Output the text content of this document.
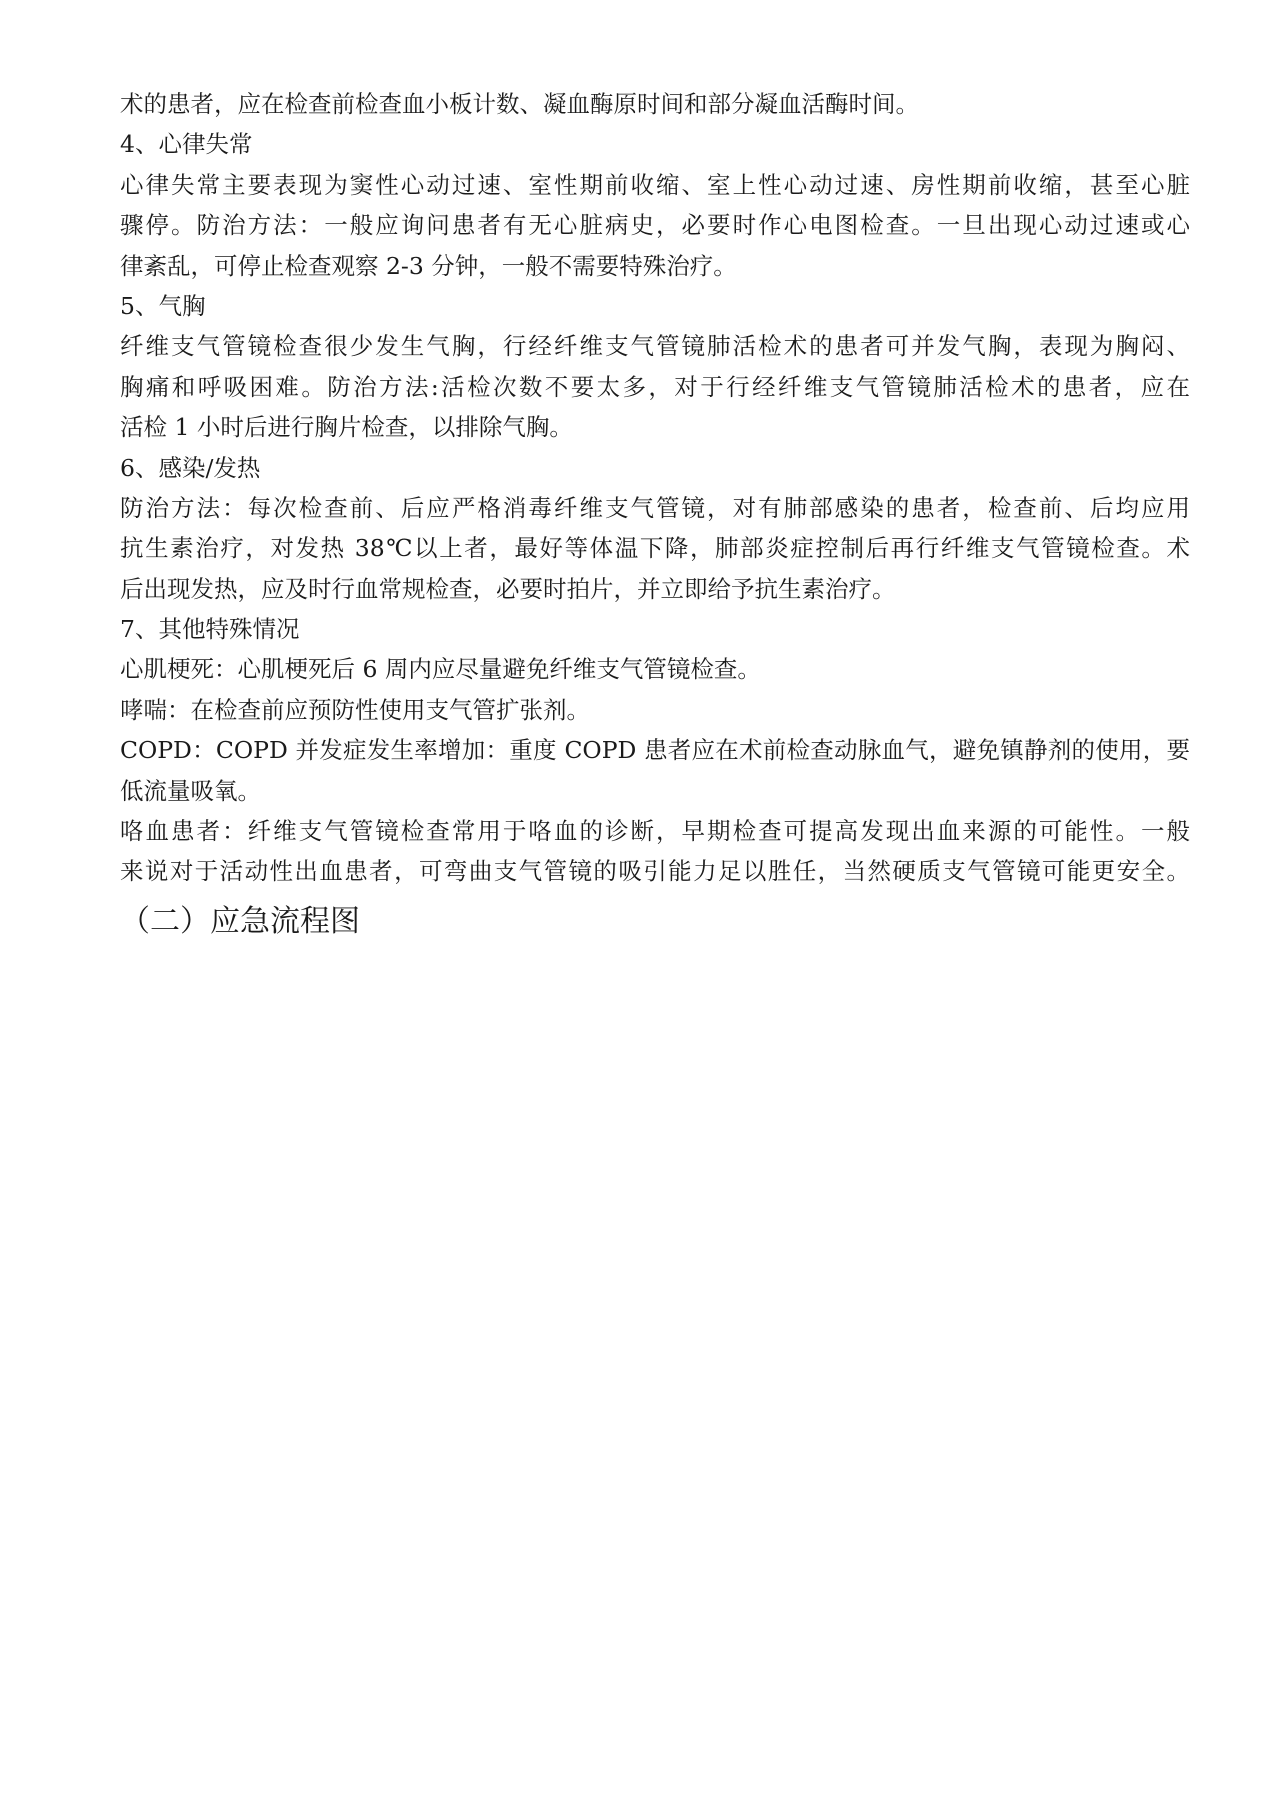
术的患者，应在检查前检查血小板计数、凝血酶原时间和部分凝血活酶时间。
4、心律失常
心律失常主要表现为窦性心动过速、室性期前收缩、室上性心动过速、房性期前收缩，甚至心脏
骤停。防治方法：一般应询问患者有无心脏病史，必要时作心电图检查。一旦出现心动过速或心
律紊乱，可停止检查观察 2-3 分钟，一般不需要特殊治疗。
5、气胸
纤维支气管镜检查很少发生气胸，行经纤维支气管镜肺活检术的患者可并发气胸，表现为胸闷、
胸痛和呼吸困难。防治方法:活检次数不要太多，对于行经纤维支气管镜肺活检术的患者，应在
活检 1 小时后进行胸片检查，以排除气胸。
6、感染/发热
防治方法：每次检查前、后应严格消毒纤维支气管镜，对有肺部感染的患者，检查前、后均应用
抗生素治疗，对发热 38℃以上者，最好等体温下降，肺部炎症控制后再行纤维支气管镜检查。术
后出现发热，应及时行血常规检查，必要时拍片，并立即给予抗生素治疗。
7、其他特殊情况
心肌梗死：心肌梗死后 6 周内应尽量避免纤维支气管镜检查。
哮喘：在检查前应预防性使用支气管扩张剂。
COPD：COPD 并发症发生率增加：重度 COPD 患者应在术前检查动脉血气，避免镇静剂的使用，要
低流量吸氧。
咯血患者：纤维支气管镜检查常用于咯血的诊断，早期检查可提高发现出血来源的可能性。一般
来说对于活动性出血患者，可弯曲支气管镜的吸引能力足以胜任，当然硬质支气管镜可能更安全。
（二）应急流程图
